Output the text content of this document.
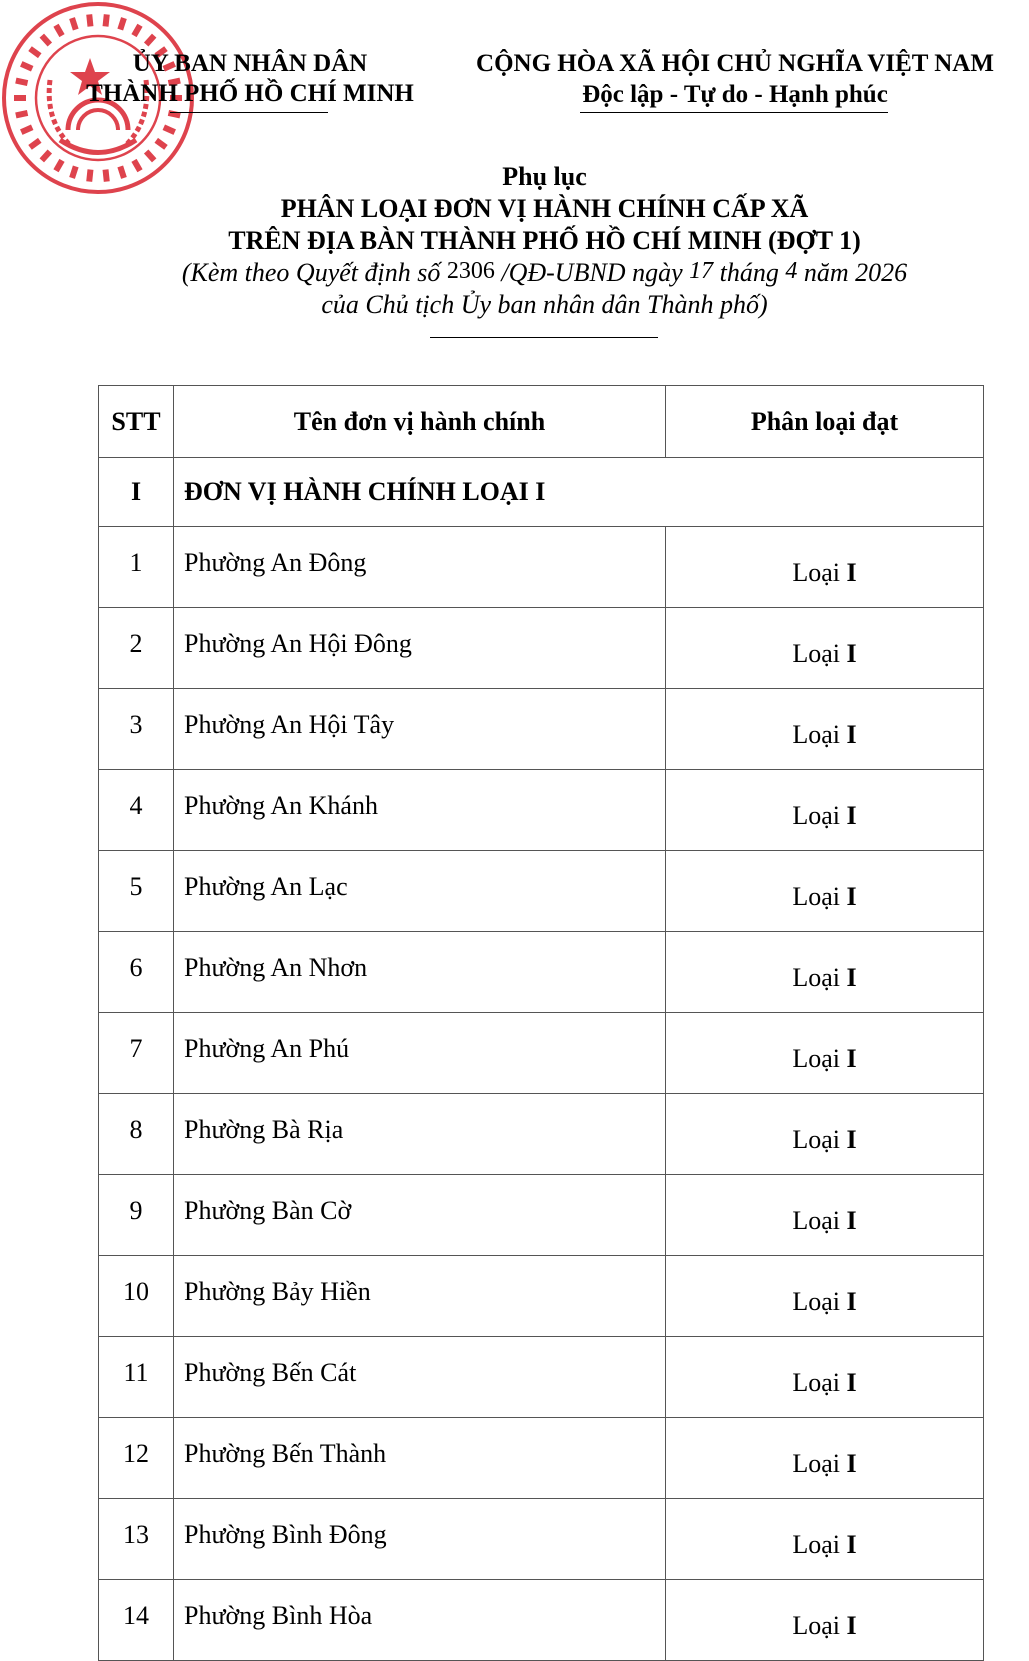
ỦY BAN NHÂN DÂN
THÀNH PHỐ HỒ CHÍ MINH
CỘNG HÒA XÃ HỘI CHỦ NGHĨA VIỆT NAM
Độc lập - Tự do - Hạnh phúc
Phụ lục
PHÂN LOẠI ĐƠN VỊ HÀNH CHÍNH CẤP XÃ
TRÊN ĐỊA BÀN THÀNH PHỐ HỒ CHÍ MINH (ĐỢT 1)
(Kèm theo Quyết định số 2306 /QĐ-UBND ngày 17 tháng 4 năm 2026
của Chủ tịch Ủy ban nhân dân Thành phố)
STT	Tên đơn vị hành chính	Phân loại đạt
I	ĐƠN VỊ HÀNH CHÍNH LOẠI I	
1	Phường An Đông	Loại I
2	Phường An Hội Đông	Loại I
3	Phường An Hội Tây	Loại I
4	Phường An Khánh	Loại I
5	Phường An Lạc	Loại I
6	Phường An Nhơn	Loại I
7	Phường An Phú	Loại I
8	Phường Bà Rịa	Loại I
9	Phường Bàn Cờ	Loại I
10	Phường Bảy Hiền	Loại I
11	Phường Bến Cát	Loại I
12	Phường Bến Thành	Loại I
13	Phường Bình Đông	Loại I
14	Phường Bình Hòa	Loại I
